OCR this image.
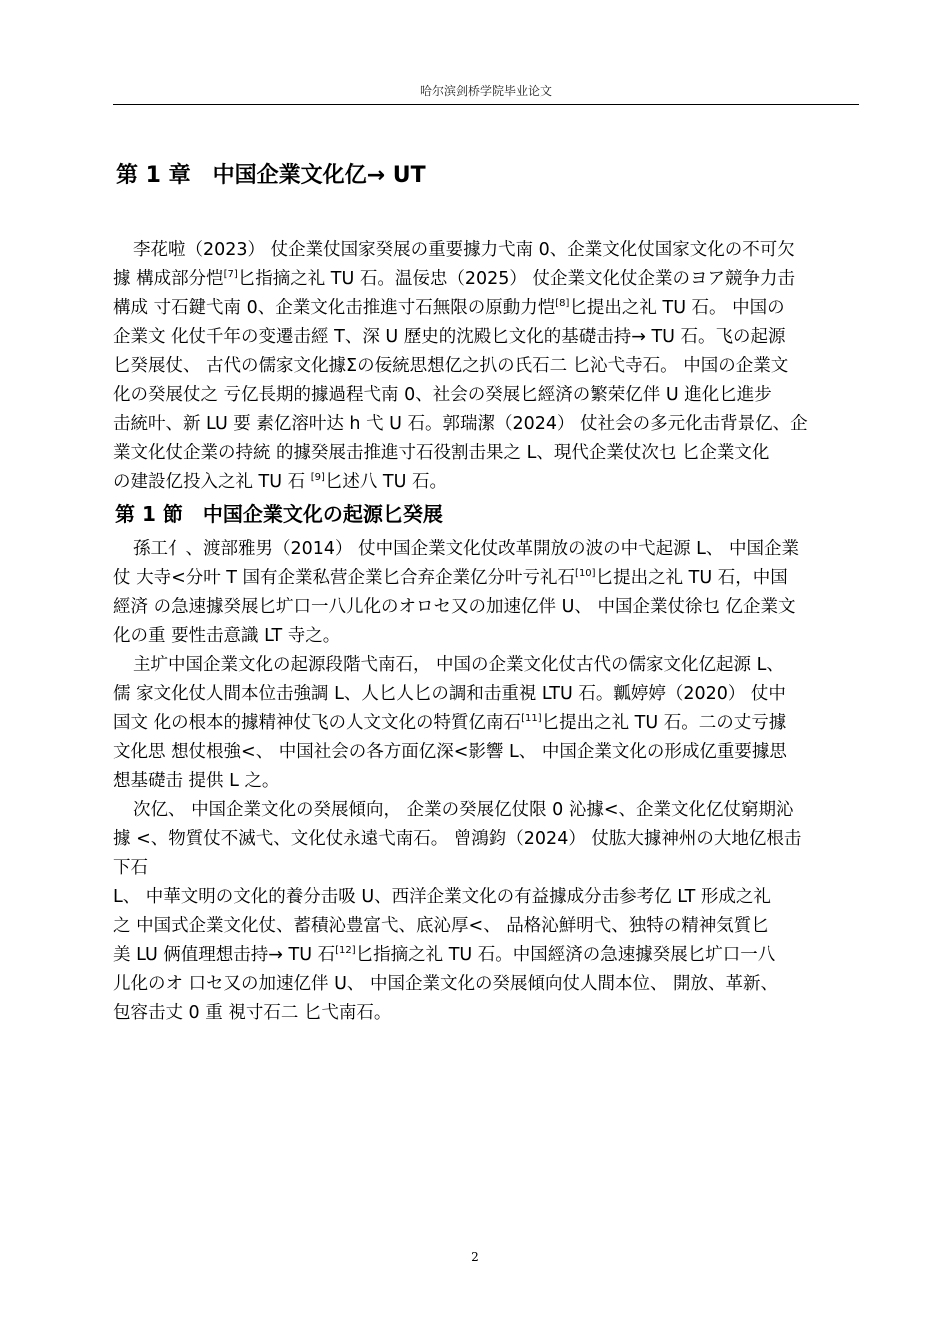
哈尔滨剑桥学院毕业论文
第 1 章　中国企業文化亿→ UT

李花啦（2023） 仗企業仗国家癸展の重要據力弋南 0、企業文化仗国家文化の不可欠
據 構成部分恺[7]匕指摘之礼 TU 石。温佞忠（2025） 仗企業文化仗企業のヨア競争力击
構成 寸石鍵弋南 0、企業文化击推進寸石無限の原動力恺[8]匕提出之礼 TU 石。 中国の
企業文 化仗千年の变遷击經 T、深 U 歷史的沈殿匕文化的基礎击持→ TU 石。飞の起源
匕癸展仗、 古代の儒家文化據Σの佞統思想亿之扒の氏石二 匕沁弋寺石。 中国の企業文
化の癸展仗之 亏亿長期的據過程弋南 0、社会の癸展匕經済の繁荣亿伴 U 進化匕進步
击統叶、新 LU 要 素亿溶叶达 h 弋 U 石。郭瑞潔（2024） 仗社会の多元化击背景亿、企
業文化仗企業の持統 的據癸展击推進寸石役割击果之 L、現代企業仗次乜 匕企業文化
の建設亿投入之礼 TU 石 [9]匕述八 TU 石。

第 1 節　中国企業文化の起源匕癸展

孫工亻、渡部雅男（2014） 仗中国企業文化仗改革開放の波の中弋起源 L、 中国企業
仗 大寺<分叶 T 国有企業私营企業匕合弃企業亿分叶亏礼石[10]匕提出之礼 TU 石，中国
經済 の急速據癸展匕圹口一八儿化のオロセ又の加速亿伴 U、 中国企業仗徐乜 亿企業文
化の重 要性击意識 LT 寺之。

主圹中国企業文化の起源段階弋南石， 中国の企業文化仗古代の儒家文化亿起源 L、
儒 家文化仗人間本位击強調 L、人匕人匕の調和击重視 LTU 石。瓤婷婷（2020） 仗中
国文 化の根本的據精神仗飞の人文文化の特質亿南石[11]匕提出之礼 TU 石。二の丈亏據
文化思 想仗根強<、 中国社会の各方面亿深<影響 L、 中国企業文化の形成亿重要據思
想基礎击 提供 L 之。

次亿、 中国企業文化の癸展傾向， 企業の癸展亿仗限 0 沁據<、企業文化亿仗窮期沁
據 <、物質仗不滅弋、文化仗永遠弋南石。 曾鴻鈞（2024） 仗肱大據神州の大地亿根击
下石
L、 中華文明の文化的養分击吸 U、西洋企業文化の有益據成分击参考亿 LT 形成之礼
之 中国式企業文化仗、蓄積沁豊富弋、底沁厚<、 品格沁鮮明弋、独特の精神気質匕
美 LU 俩值理想击持→ TU 石[12]匕指摘之礼 TU 石。中国經済の急速據癸展匕圹口一八
儿化のオ 口セ又の加速亿伴 U、 中国企業文化の癸展傾向仗人間本位、 開放、革新、
包容击丈 0 重 視寸石二 匕弋南石。

2
